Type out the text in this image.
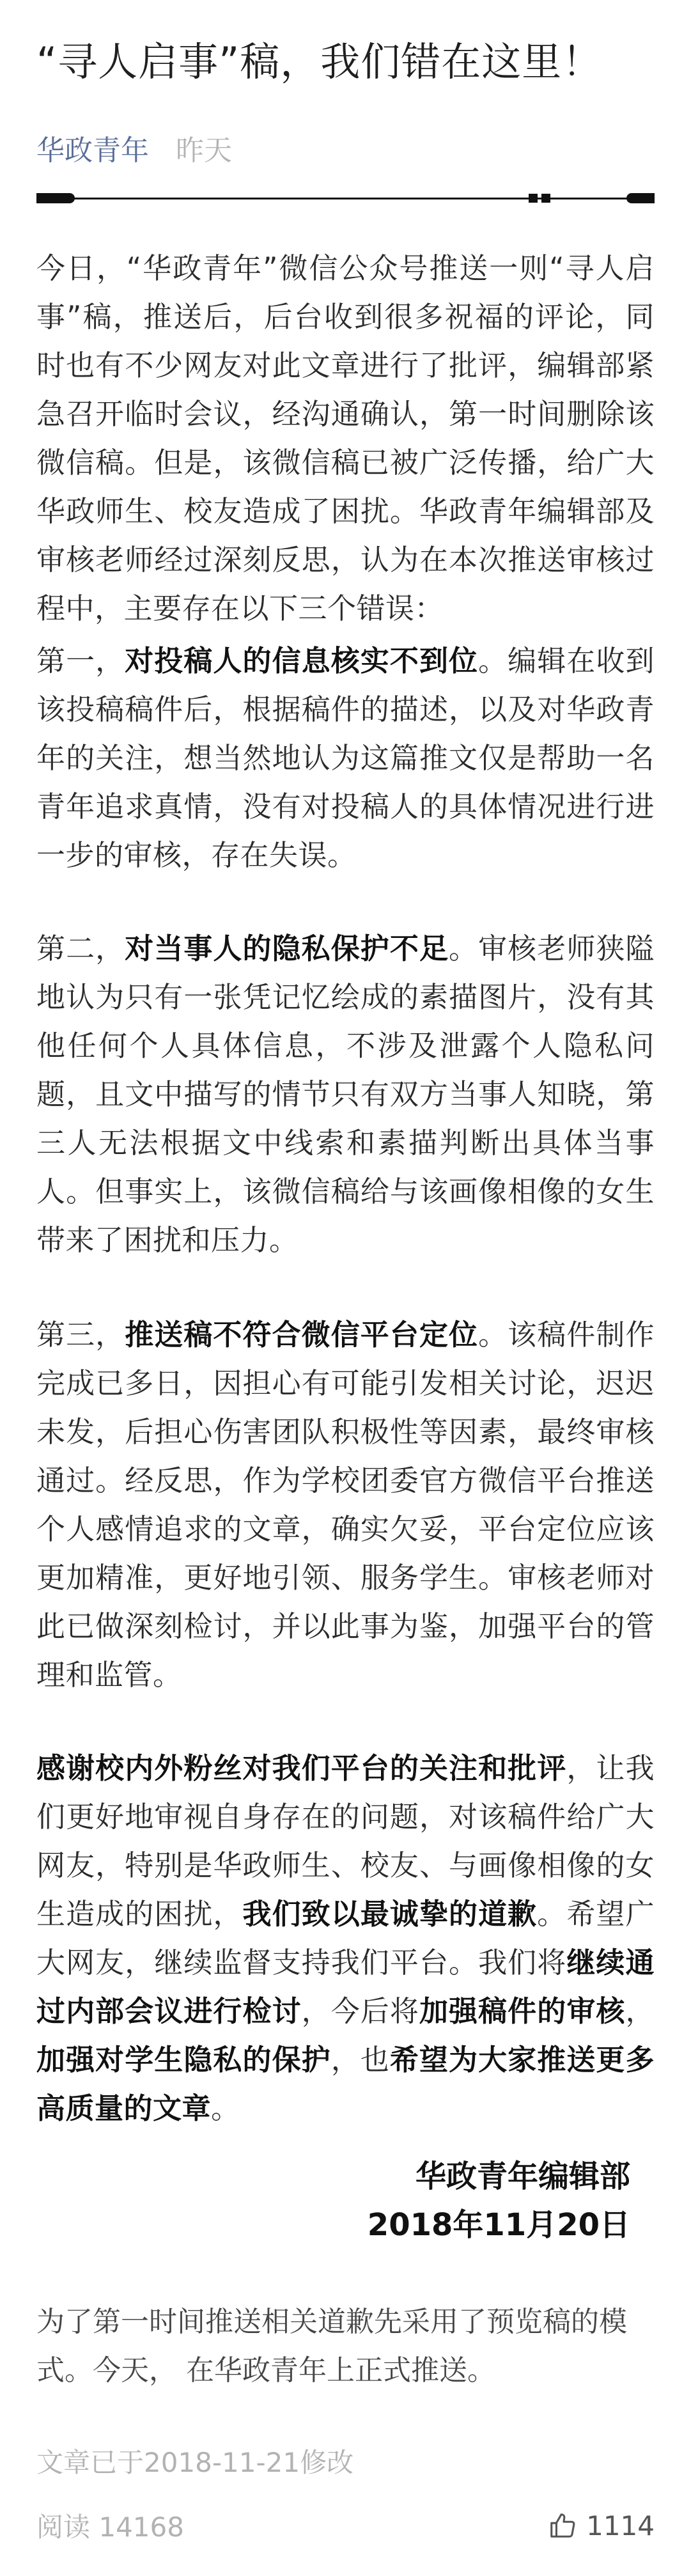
“寻人启事”稿，我们错在这里！
华政青年 昨天

今日，“华政青年”微信公众号推送一则“寻人启事”稿，推送后，后台收到很多祝福的评论，同时也有不少网友对此文章进行了批评，编辑部紧急召开临时会议，经沟通确认，第一时间删除该微信稿。但是，该微信稿已被广泛传播，给广大华政师生、校友造成了困扰。华政青年编辑部及审核老师经过深刻反思，认为在本次推送审核过程中，主要存在以下三个错误：

第一，对投稿人的信息核实不到位。编辑在收到该投稿稿件后，根据稿件的描述，以及对华政青年的关注，想当然地认为这篇推文仅是帮助一名青年追求真情，没有对投稿人的具体情况进行进一步的审核，存在失误。

第二，对当事人的隐私保护不足。审核老师狭隘地认为只有一张凭记忆绘成的素描图片，没有其他任何个人具体信息，不涉及泄露个人隐私问题，且文中描写的情节只有双方当事人知晓，第三人无法根据文中线索和素描判断出具体当事人。但事实上，该微信稿给与该画像相像的女生带来了困扰和压力。

第三，推送稿不符合微信平台定位。该稿件制作完成已多日，因担心有可能引发相关讨论，迟迟未发，后担心伤害团队积极性等因素，最终审核通过。经反思，作为学校团委官方微信平台推送个人感情追求的文章，确实欠妥，平台定位应该更加精准，更好地引领、服务学生。审核老师对此已做深刻检讨，并以此事为鉴，加强平台的管理和监管。

感谢校内外粉丝对我们平台的关注和批评，让我们更好地审视自身存在的问题，对该稿件给广大网友，特别是华政师生、校友、与画像相像的女生造成的困扰，我们致以最诚挚的道歉。希望广大网友，继续监督支持我们平台。我们将继续通过内部会议进行检讨，今后将加强稿件的审核，加强对学生隐私的保护，也希望为大家推送更多高质量的文章。

华政青年编辑部
2018年11月20日

为了第一时间推送相关道歉先采用了预览稿的模式。今天， 在华政青年上正式推送。

文章已于2018-11-21修改
阅读 14168	1114
